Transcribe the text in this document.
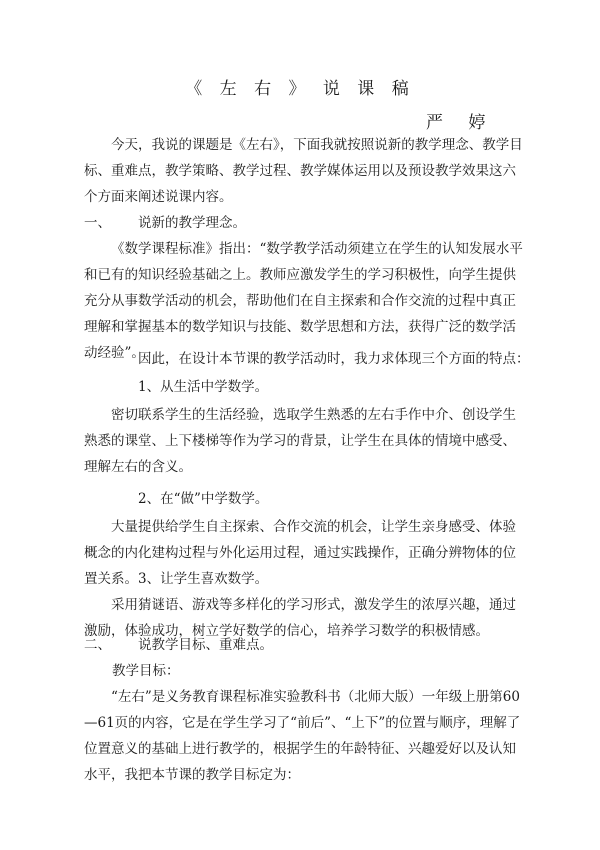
《 左 右 》 说 课 稿

严 婷

今天，我说的课题是《左右》，下面我就按照说新的教学理念、教学目标、重难点，教学策略、教学过程、教学媒体运用以及预设教学效果这六个方面来阐述说课内容。

一、 说新的教学理念。

《数学课程标准》指出：“数学教学活动须建立在学生的认知发展水平和已有的知识经验基础之上。教师应激发学生的学习积极性，向学生提供充分从事数学活动的机会，帮助他们在自主探索和合作交流的过程中真正理解和掌握基本的数学知识与技能、数学思想和方法，获得广泛的数学活动经验”。

因此，在设计本节课的教学活动时，我力求体现三个方面的特点：

1、从生活中学数学。

密切联系学生的生活经验，选取学生熟悉的左右手作中介、创设学生熟悉的课堂、上下楼梯等作为学习的背景，让学生在具体的情境中感受、理解左右的含义。

2、在“做”中学数学。

大量提供给学生自主探索、合作交流的机会，让学生亲身感受、体验概念的内化建构过程与外化运用过程，通过实践操作，正确分辨物体的位置关系。 3、让学生喜欢数学。

采用猜谜语、游戏等多样化的学习形式，激发学生的浓厚兴趣，通过激励，体验成功，树立学好数学的信心，培养学习数学的积极情感。

二、 说教学目标、重难点。

教学目标：

“左右”是义务教育课程标准实验教科书（北师大版）一年级上册第60—61页的内容，它是在学生学习了“前后”、“上下”的位置与顺序，理解了位置意义的基础上进行教学的，根据学生的年龄特征、兴趣爱好以及认知水平，我把本节课的教学目标定为：
